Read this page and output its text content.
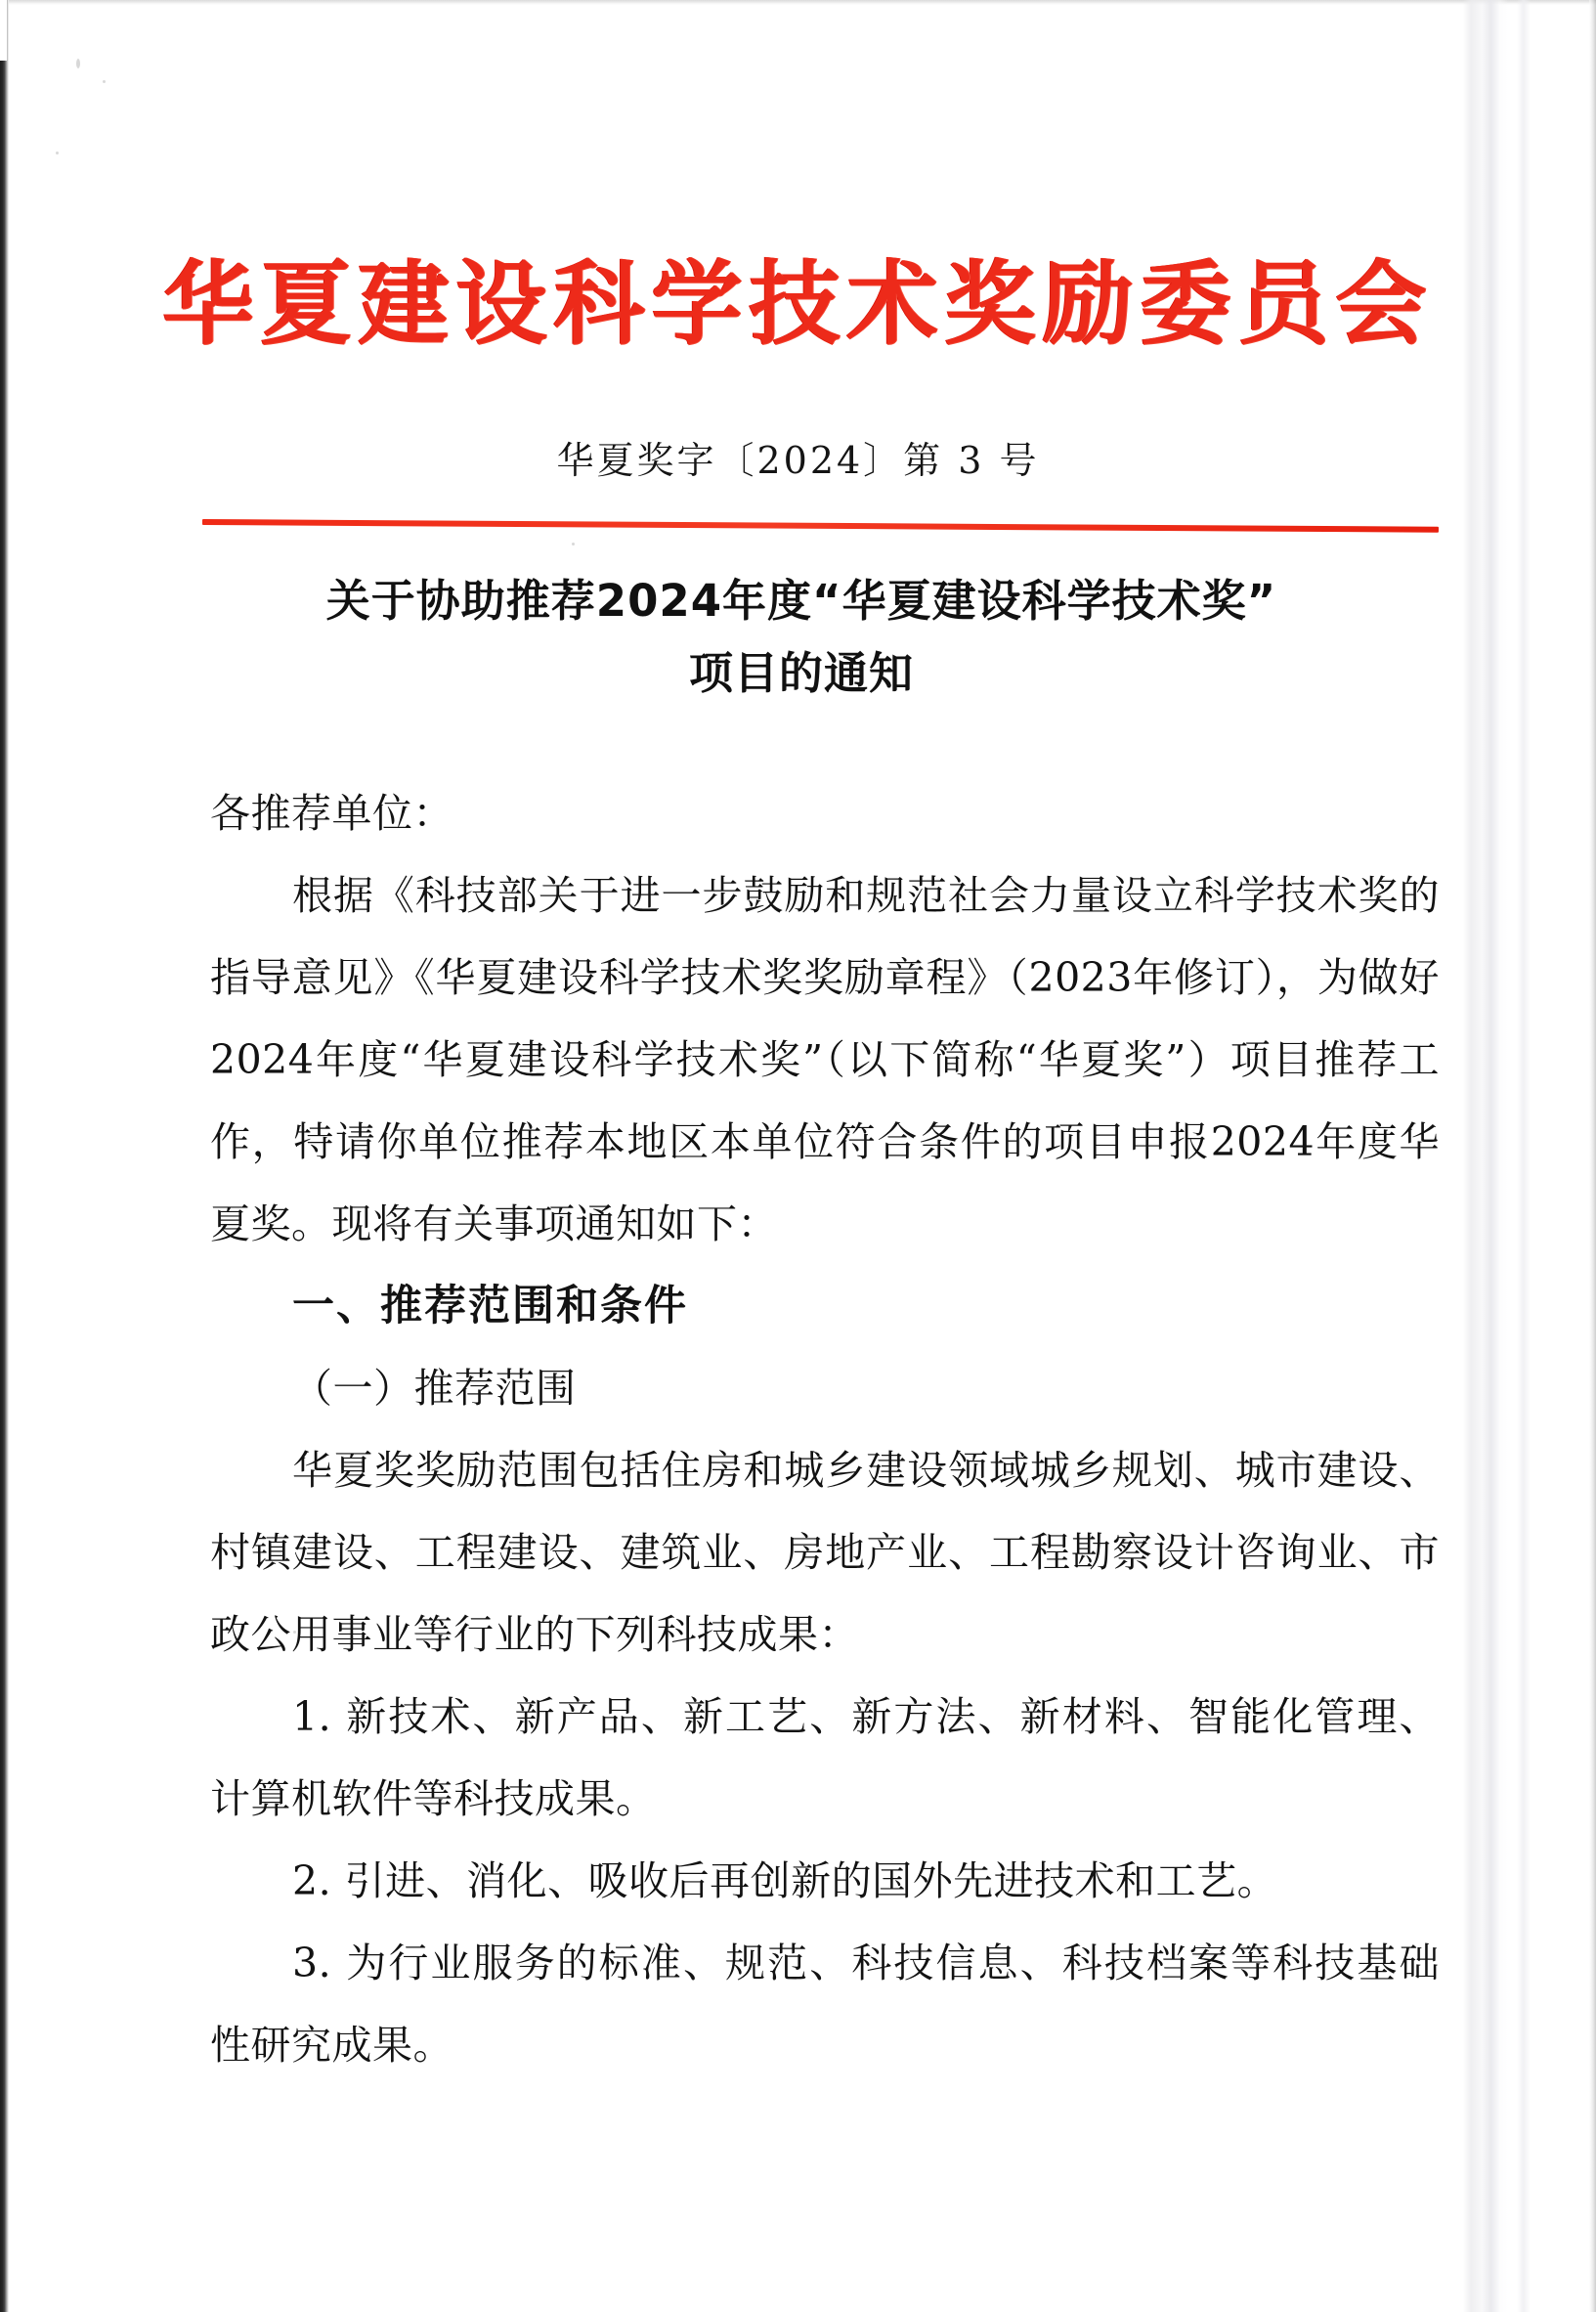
华夏建设科学技术奖励委员会
华夏奖字〔2024〕第 3 号
关于协助推荐2024年度“华夏建设科学技术奖”
项目的通知

各推荐单位：

根据《科技部关于进一步鼓励和规范社会力量设立科学技术奖的指导意见》《华夏建设科学技术奖奖励章程》（2023年修订），为做好2024年度“华夏建设科学技术奖”（以下简称“华夏奖”）项目推荐工作，特请你单位推荐本地区本单位符合条件的项目申报2024年度华夏奖。现将有关事项通知如下：

一、推荐范围和条件

（一）推荐范围

华夏奖奖励范围包括住房和城乡建设领域城乡规划、城市建设、村镇建设、工程建设、建筑业、房地产业、工程勘察设计咨询业、市政公用事业等行业的下列科技成果：

1. 新技术、新产品、新工艺、新方法、新材料、智能化管理、计算机软件等科技成果。

2. 引进、消化、吸收后再创新的国外先进技术和工艺。

3. 为行业服务的标准、规范、科技信息、科技档案等科技基础性研究成果。
